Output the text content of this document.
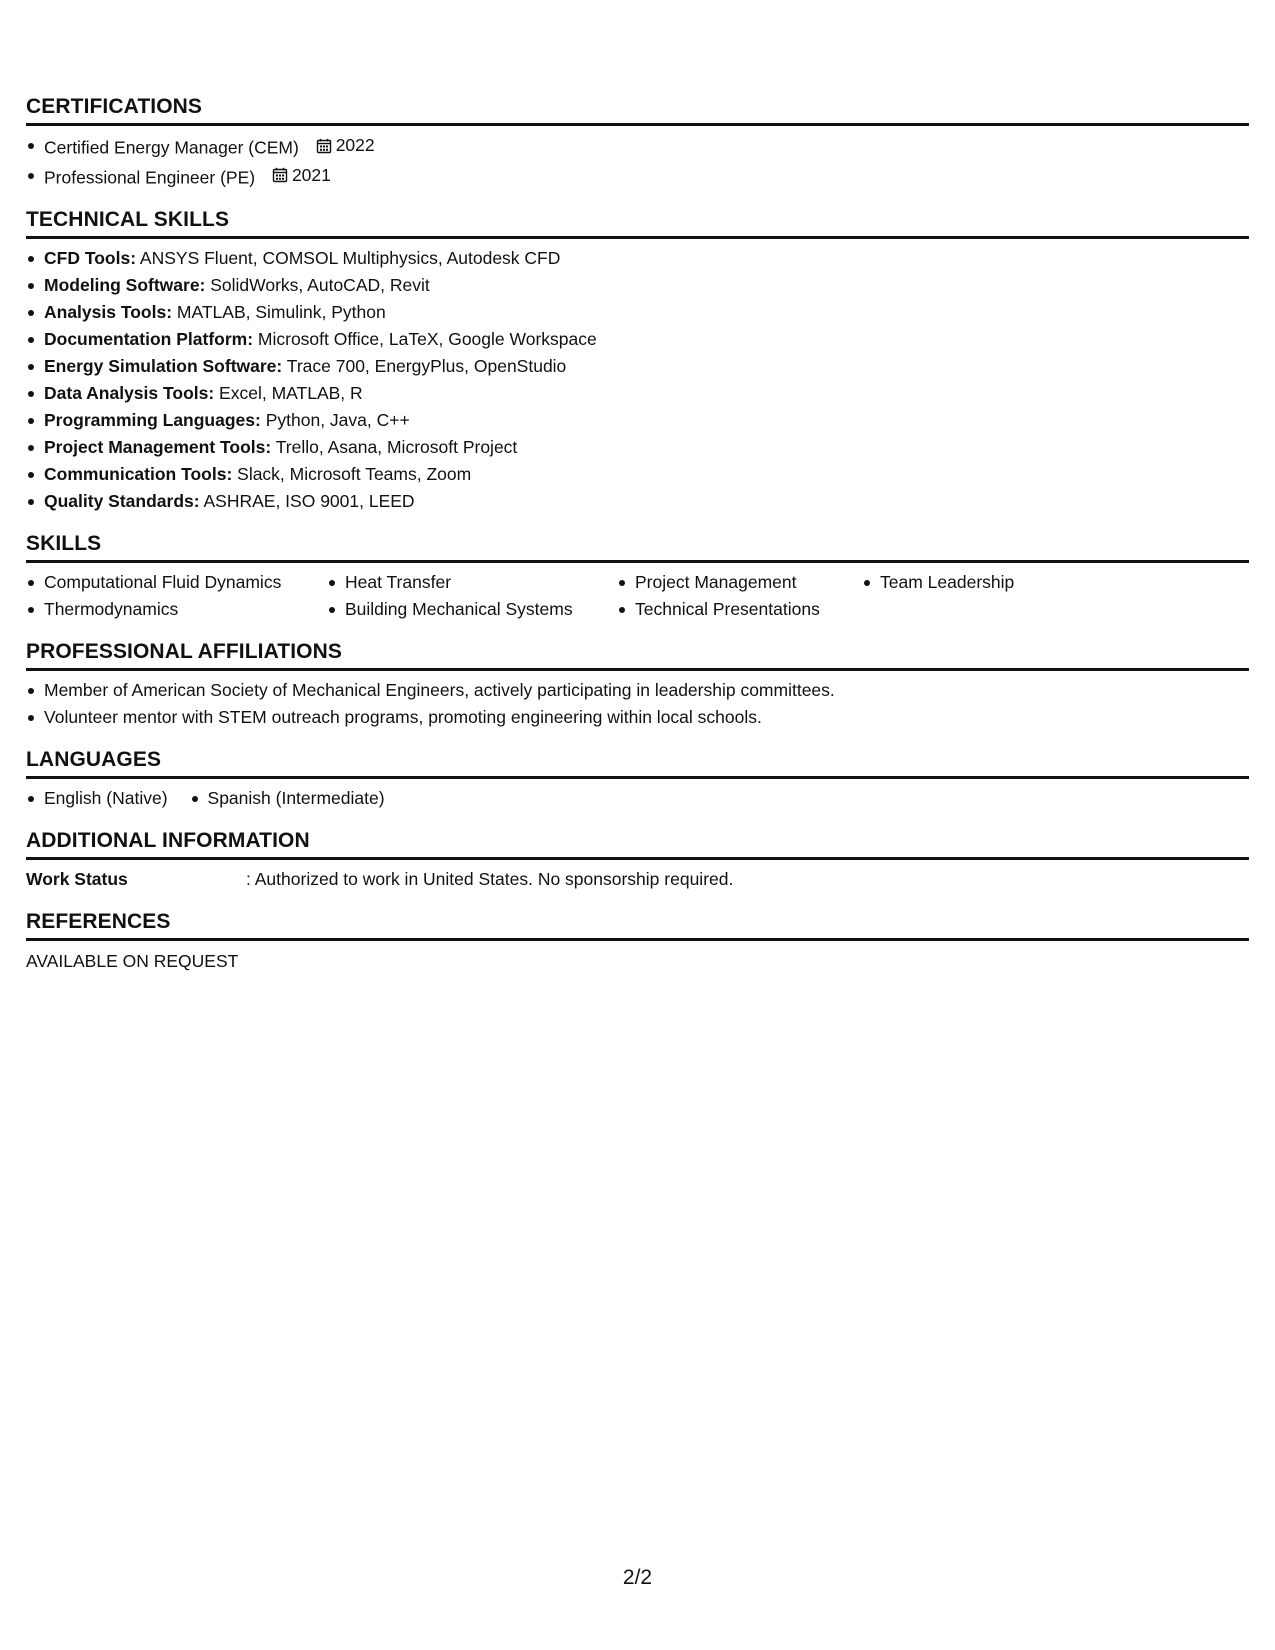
CERTIFICATIONS
Certified Energy Manager (CEM) 2022
Professional Engineer (PE) 2021
TECHNICAL SKILLS
CFD Tools: ANSYS Fluent, COMSOL Multiphysics, Autodesk CFD
Modeling Software: SolidWorks, AutoCAD, Revit
Analysis Tools: MATLAB, Simulink, Python
Documentation Platform: Microsoft Office, LaTeX, Google Workspace
Energy Simulation Software: Trace 700, EnergyPlus, OpenStudio
Data Analysis Tools: Excel, MATLAB, R
Programming Languages: Python, Java, C++
Project Management Tools: Trello, Asana, Microsoft Project
Communication Tools: Slack, Microsoft Teams, Zoom
Quality Standards: ASHRAE, ISO 9001, LEED
SKILLS
Computational Fluid Dynamics
Thermodynamics
Heat Transfer
Building Mechanical Systems
Project Management
Technical Presentations
Team Leadership
PROFESSIONAL AFFILIATIONS
Member of American Society of Mechanical Engineers, actively participating in leadership committees.
Volunteer mentor with STEM outreach programs, promoting engineering within local schools.
LANGUAGES
English (Native)	Spanish (Intermediate)
ADDITIONAL INFORMATION
Work Status	: Authorized to work in United States. No sponsorship required.
REFERENCES
AVAILABLE ON REQUEST
2/2
